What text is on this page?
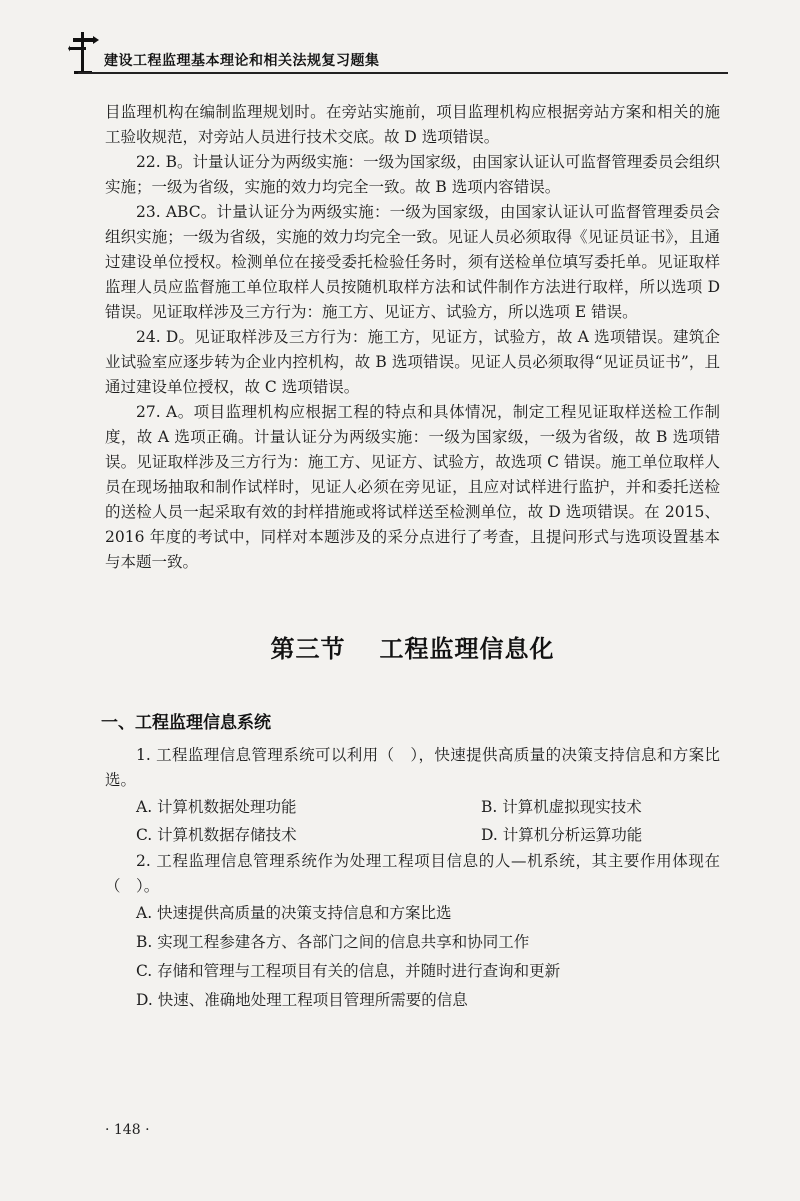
建设工程监理基本理论和相关法规复习题集

目监理机构在编制监理规划时。在旁站实施前，项目监理机构应根据旁站方案和相关的施工验收规范，对旁站人员进行技术交底。故 D 选项错误。

22. B。计量认证分为两级实施：一级为国家级，由国家认证认可监督管理委员会组织实施；一级为省级，实施的效力均完全一致。故 B 选项内容错误。

23. ABC。计量认证分为两级实施：一级为国家级，由国家认证认可监督管理委员会组织实施；一级为省级，实施的效力均完全一致。见证人员必须取得《见证员证书》，且通过建设单位授权。检测单位在接受委托检验任务时，须有送检单位填写委托单。见证取样监理人员应监督施工单位取样人员按随机取样方法和试件制作方法进行取样，所以选项 D 错误。见证取样涉及三方行为：施工方、见证方、试验方，所以选项 E 错误。

24. D。见证取样涉及三方行为：施工方，见证方，试验方，故 A 选项错误。建筑企业试验室应逐步转为企业内控机构，故 B 选项错误。见证人员必须取得“见证员证书”，且通过建设单位授权，故 C 选项错误。

27. A。项目监理机构应根据工程的特点和具体情况，制定工程见证取样送检工作制度，故 A 选项正确。计量认证分为两级实施：一级为国家级，一级为省级，故 B 选项错误。见证取样涉及三方行为：施工方、见证方、试验方，故选项 C 错误。施工单位取样人员在现场抽取和制作试样时，见证人必须在旁见证，且应对试样进行监护，并和委托送检的送检人员一起采取有效的封样措施或将试样送至检测单位，故 D 选项错误。在 2015、2016 年度的考试中，同样对本题涉及的采分点进行了考查，且提问形式与选项设置基本与本题一致。

第三节 工程监理信息化
一、工程监理信息系统

1. 工程监理信息管理系统可以利用（　），快速提供高质量的决策支持信息和方案比选。

A. 计算机数据处理功能	B. 计算机虚拟现实技术
C. 计算机数据存储技术	D. 计算机分析运算功能

2. 工程监理信息管理系统作为处理工程项目信息的人—机系统，其主要作用体现在（　）。

A. 快速提供高质量的决策支持信息和方案比选
B. 实现工程参建各方、各部门之间的信息共享和协同工作
C. 存储和管理与工程项目有关的信息，并随时进行查询和更新
D. 快速、准确地处理工程项目管理所需要的信息
· 148 ·
